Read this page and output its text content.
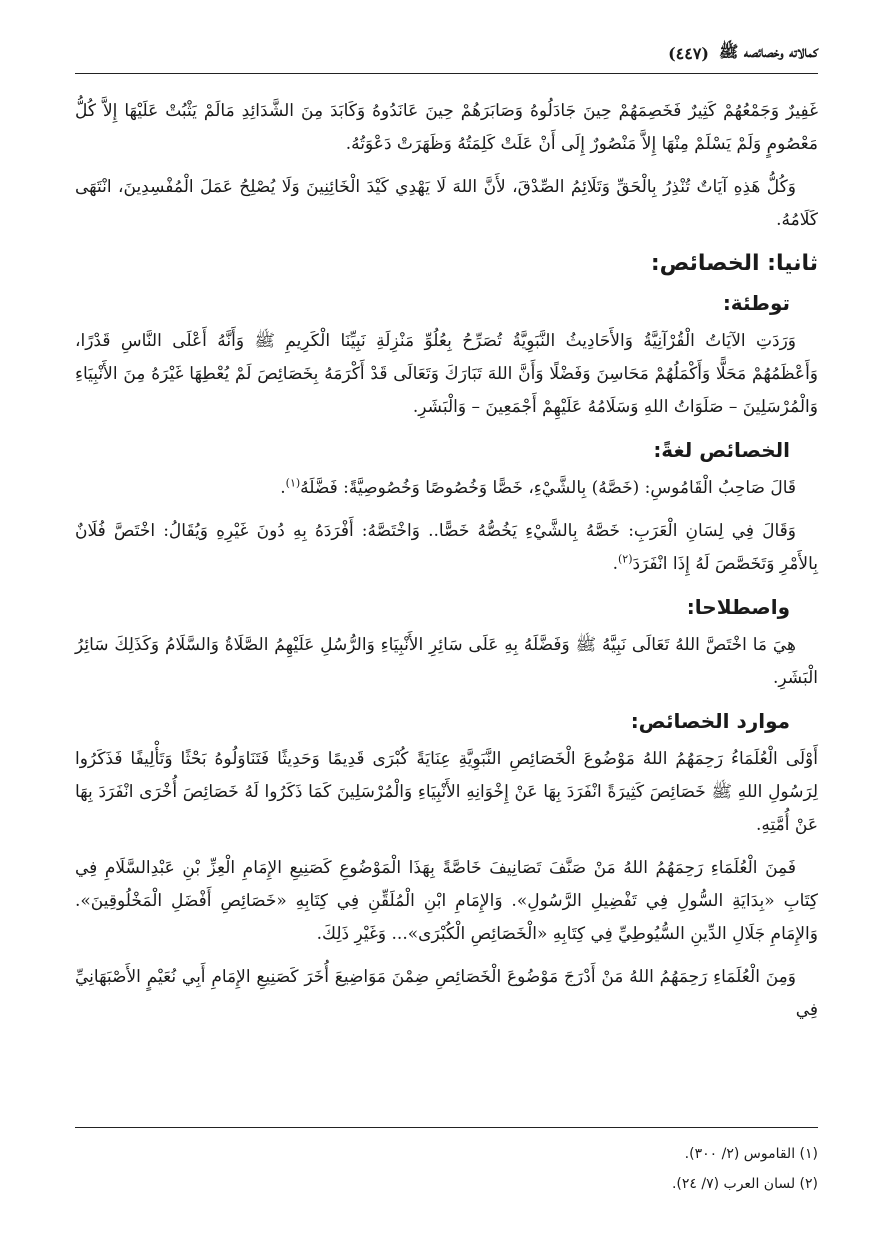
كمالاته وخصائصه ﷺ
(٤٤٧)

غَفِيرٌ وَجَمْعُهُمْ كَثِيرٌ فَخَصِمَهُمْ حِينَ جَادَلُوهُ وَصَابَرَهُمْ حِينَ عَانَدُوهُ وَكَابَدَ مِنَ الشَّدَائِدِ مَالَمْ يَثْبُتْ عَلَيْهَا إِلاَّ كُلُّ مَعْصُومٍ وَلَمْ يَسْلَمْ مِنْهَا إِلاَّ مَنْصُورٌ إِلَى أَنْ عَلَتْ كَلِمَتُهُ وَظَهَرَتْ دَعْوَتُهُ.

وَكُلُّ هَذِهِ آيَاتٌ تُنْذِرُ بِالْحَقِّ وَتَلَائِمُ الصِّدْقَ، لأَنَّ اللهَ لَا يَهْدِي كَيْدَ الْخَائِنِينَ وَلَا يُصْلِحُ عَمَلَ الْمُفْسِدِينَ، انْتَهَى كَلَامُهُ.

ثانيا: الخصائص:
توطئة:

وَرَدَتِ الآيَاتُ الْقُرْآنِيَّةُ وَالأَحَادِيثُ النَّبَوِيَّةُ تُصَرِّحُ بِعُلُوِّ مَنْزِلَةِ نَبِيِّنَا الْكَرِيمِ ﷺ وَأَنَّهُ أَعْلَى النَّاسِ قَدْرًا، وَأَعْظَمُهُمْ مَحَلًّا وَأَكْمَلُهُمْ مَحَاسِنَ وَفَضْلًا وَأَنَّ اللهَ تَبَارَكَ وَتَعَالَى قَدْ أَكْرَمَهُ بِخَصَائِصَ لَمْ يُعْطِهَا غَيْرَهُ مِنَ الأَنْبِيَاءِ وَالْمُرْسَلِينَ – صَلَوَاتُ اللهِ وَسَلَامُهُ عَلَيْهِمْ أَجْمَعِينَ – وَالْبَشَرِ.

الخصائص لغةً:

قَالَ صَاحِبُ الْقَامُوسِ: (خَصَّهُ) بِالشَّيْءِ، خَصًّا وَخُصُوصًا وَخُصُوصِيَّةً: فَضَّلَهُ$^{(١)}$.

وَقَالَ فِي لِسَانِ الْعَرَبِ: خَصَّهُ بِالشَّيْءِ يَخُصُّهُ خَصًّا.. وَاخْتَصَّهُ: أَفْرَدَهُ بِهِ دُونَ غَيْرِهِ وَيُقَالُ: اخْتَصَّ فُلَانٌ بِالأَمْرِ وَتَخَصَّصَ لَهُ إِذَا انْفَرَدَ$^{(٢)}$.

واصطلاحا:

هِيَ مَا اخْتَصَّ اللهُ تَعَالَى نَبِيَّهُ ﷺ وَفَضَّلَهُ بِهِ عَلَى سَائِرِ الأَنْبِيَاءِ وَالرُّسُلِ عَلَيْهِمُ الصَّلَاةُ وَالسَّلَامُ وَكَذَلِكَ سَائِرُ الْبَشَرِ.

موارد الخصائص:

أَوْلَى الْعُلَمَاءُ رَحِمَهُمُ اللهُ مَوْضُوعَ الْخَصَائِصِ النَّبَوِيَّةِ عِنَايَةً كُبْرَى قَدِيمًا وَحَدِيثًا فَتَنَاوَلُوهُ بَحْثًا وَتَأْلِيفًا فَذَكَرُوا لِرَسُولِ اللهِ ﷺ خَصَائِصَ كَثِيرَةً انْفَرَدَ بِهَا عَنْ إِخْوَانِهِ الأَنْبِيَاءِ وَالْمُرْسَلِينَ كَمَا ذَكَرُوا لَهُ خَصَائِصَ أُخْرَى انْفَرَدَ بِهَا عَنْ أُمَّتِهِ.

فَمِنَ الْعُلَمَاءِ رَحِمَهُمُ اللهُ مَنْ صَنَّفَ تَصَانِيفَ خَاصَّةً بِهَذَا الْمَوْضُوعِ كَصَنِيعِ الإِمَامِ الْعِزِّ بْنِ عَبْدِالسَّلَامِ فِي كِتَابِ «بِدَايَةِ السُّولِ فِي تَفْضِيلِ الرَّسُولِ». وَالإِمَامِ ابْنِ الْمُلَقِّنِ فِي كِتَابِهِ «خَصَائِصِ أَفْضَلِ الْمَخْلُوقِينَ». وَالإِمَامِ جَلَالِ الدِّينِ السُّيُوطِيِّ فِي كِتَابِهِ «الْخَصَائِصِ الْكُبْرَى»... وَغَيْرِ ذَلِكَ.

وَمِنَ الْعُلَمَاءِ رَحِمَهُمُ اللهُ مَنْ أَدْرَجَ مَوْضُوعَ الْخَصَائِصِ ضِمْنَ مَوَاضِيعَ أُخَرَ كَصَنِيعِ الإِمَامِ أَبِي نُعَيْمٍ الأَصْبَهَانِيِّ فِي

(١) القاموس (٢/ ٣٠٠).
(٢) لسان العرب (٧/ ٢٤).
